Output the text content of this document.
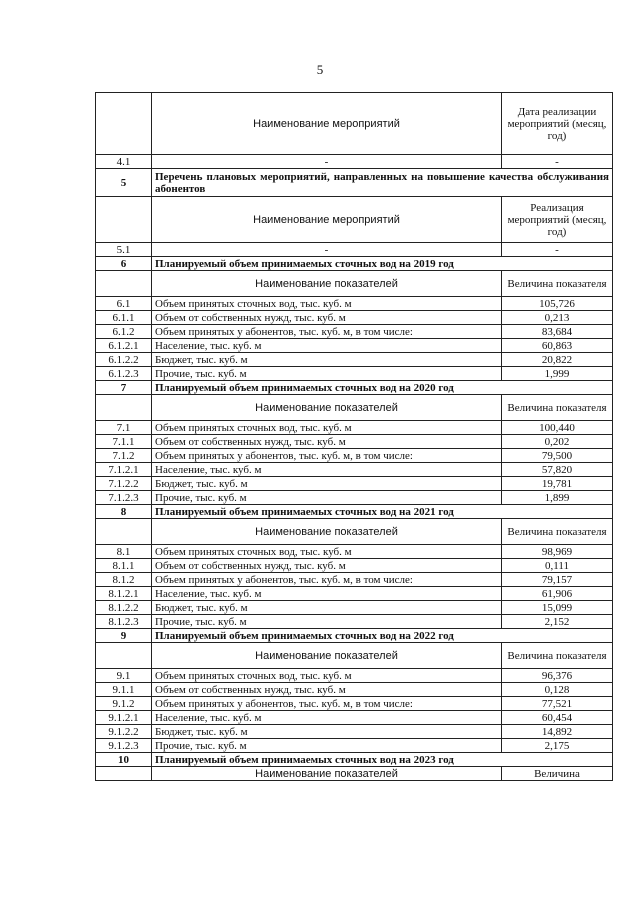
5
	Наименование мероприятий	Дата реализации мероприятий (месяц, год)
4.1	-	-
5	Перечень плановых мероприятий, направленных на повышение качества обслуживания абонентов	
	Наименование мероприятий	Реализация мероприятий (месяц, год)
5.1	-	-
6	Планируемый объем принимаемых сточных вод на 2019 год	
	Наименование показателей	Величина показателя
6.1	Объем принятых сточных вод, тыс. куб. м	105,726
6.1.1	Объем от собственных нужд, тыс. куб. м	0,213
6.1.2	Объем принятых у абонентов, тыс. куб. м, в том числе:	83,684
6.1.2.1	Население, тыс. куб. м	60,863
6.1.2.2	Бюджет, тыс. куб. м	20,822
6.1.2.3	Прочие, тыс. куб. м	1,999
7	Планируемый объем принимаемых сточных вод на 2020 год	
	Наименование показателей	Величина показателя
7.1	Объем принятых сточных вод, тыс. куб. м	100,440
7.1.1	Объем от собственных нужд, тыс. куб. м	0,202
7.1.2	Объем принятых у абонентов, тыс. куб. м, в том числе:	79,500
7.1.2.1	Население, тыс. куб. м	57,820
7.1.2.2	Бюджет, тыс. куб. м	19,781
7.1.2.3	Прочие, тыс. куб. м	1,899
8	Планируемый объем принимаемых сточных вод на 2021 год	
	Наименование показателей	Величина показателя
8.1	Объем принятых сточных вод, тыс. куб. м	98,969
8.1.1	Объем от собственных нужд, тыс. куб. м	0,111
8.1.2	Объем принятых у абонентов, тыс. куб. м, в том числе:	79,157
8.1.2.1	Население, тыс. куб. м	61,906
8.1.2.2	Бюджет, тыс. куб. м	15,099
8.1.2.3	Прочие, тыс. куб. м	2,152
9	Планируемый объем принимаемых сточных вод на 2022 год	
	Наименование показателей	Величина показателя
9.1	Объем принятых сточных вод, тыс. куб. м	96,376
9.1.1	Объем от собственных нужд, тыс. куб. м	0,128
9.1.2	Объем принятых у абонентов, тыс. куб. м, в том числе:	77,521
9.1.2.1	Население, тыс. куб. м	60,454
9.1.2.2	Бюджет, тыс. куб. м	14,892
9.1.2.3	Прочие, тыс. куб. м	2,175
10	Планируемый объем принимаемых сточных вод на 2023 год	
	Наименование показателей	Величина
